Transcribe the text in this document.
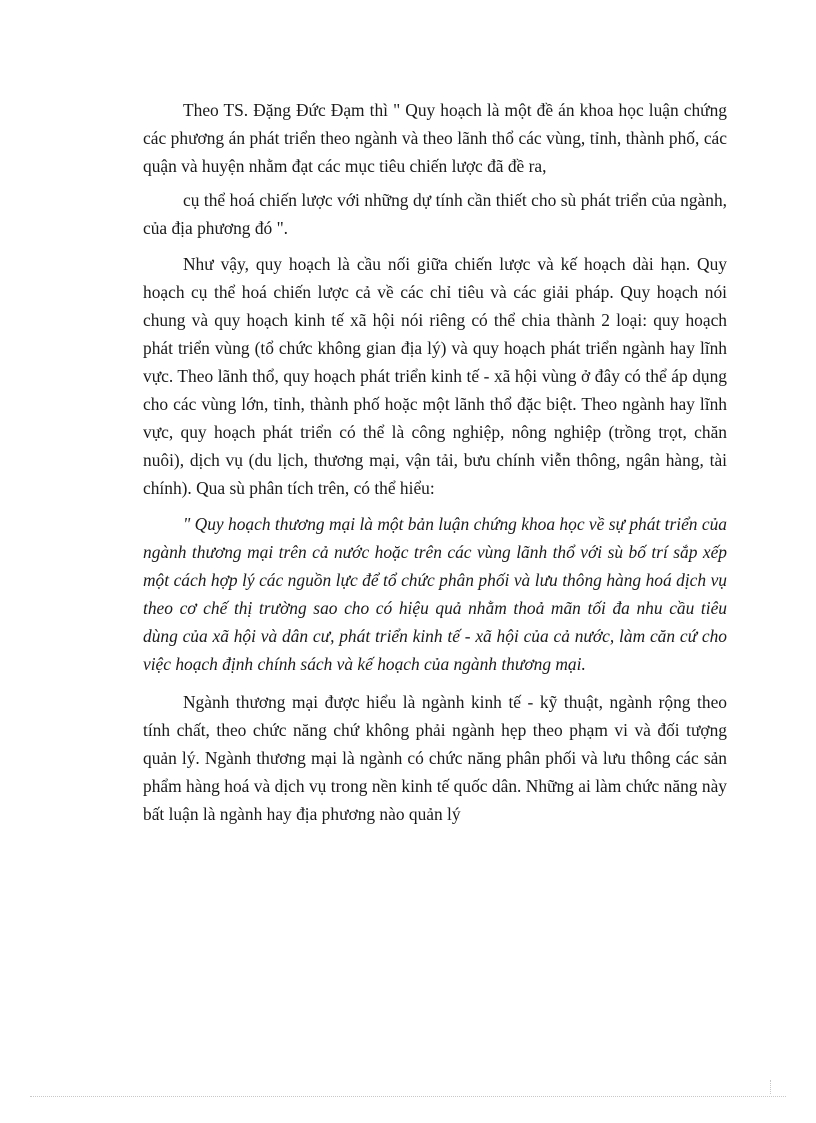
Theo TS. Đặng Đức Đạm thì " Quy hoạch là một đề án khoa học luận chứng các phương án phát triển theo ngành và theo lãnh thổ các vùng, tỉnh, thành phố, các quận và huyện nhằm đạt các mục tiêu chiến lược đã đề ra,

cụ thể hoá chiến lược với những dự tính cần thiết cho sù phát triển của ngành, của địa phương đó ".

Như vậy, quy hoạch là cầu nối giữa chiến lược và kế hoạch dài hạn. Quy hoạch cụ thể hoá chiến lược cả về các chỉ tiêu và các giải pháp. Quy hoạch nói chung và quy hoạch kinh tế xã hội nói riêng có thể chia thành 2 loại: quy hoạch phát triển vùng (tổ chức không gian địa lý) và quy hoạch phát triển ngành hay lĩnh vực. Theo lãnh thổ, quy hoạch phát triển kinh tế - xã hội vùng ở đây có thể áp dụng cho các vùng lớn, tỉnh, thành phố hoặc một lãnh thổ đặc biệt. Theo ngành hay lĩnh vực, quy hoạch phát triển có thể là công nghiệp, nông nghiệp (trồng trọt, chăn nuôi), dịch vụ (du lịch, thương mại, vận tải, bưu chính viễn thông, ngân hàng, tài chính). Qua sù phân tích trên, có thể hiểu:

" Quy hoạch thương mại là một bản luận chứng khoa học về sự phát triển của ngành thương mại trên cả nước hoặc trên các vùng lãnh thổ với sù bố trí sắp xếp một cách hợp lý các nguồn lực để tổ chức phân phối và lưu thông hàng hoá dịch vụ theo cơ chế thị trường sao cho có hiệu quả nhằm thoả mãn tối đa nhu cầu tiêu dùng của xã hội và dân cư, phát triển kinh tế - xã hội của cả nước, làm căn cứ cho việc hoạch định chính sách và kế hoạch của ngành thương mại.

Ngành thương mại được hiểu là ngành kinh tế - kỹ thuật, ngành rộng theo tính chất, theo chức năng chứ không phải ngành hẹp theo phạm vi và đối tượng quản lý. Ngành thương mại là ngành có chức năng phân phối và lưu thông các sản phẩm hàng hoá và dịch vụ trong nền kinh tế quốc dân. Những ai làm chức năng này bất luận là ngành hay địa phương nào quản lý
